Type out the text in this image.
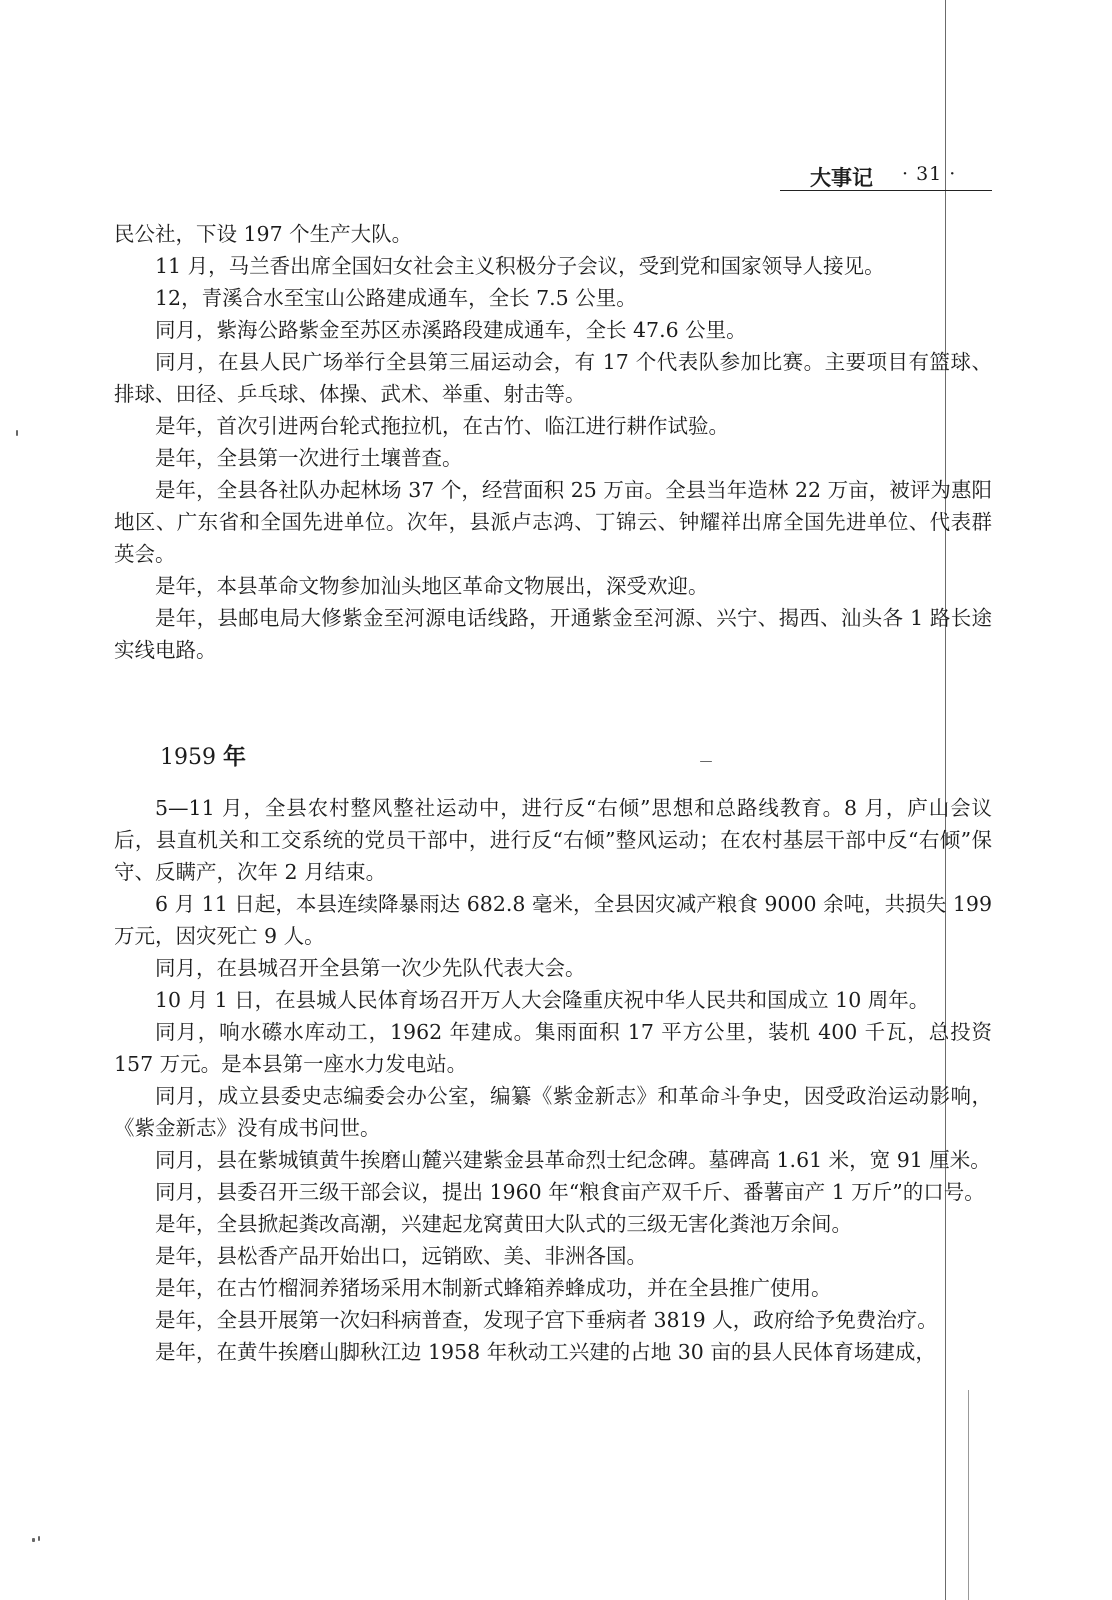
大事记 · 31 ·

民公社，下设 197 个生产大队。

11 月，马兰香出席全国妇女社会主义积极分子会议，受到党和国家领导人接见。

12，青溪合水至宝山公路建成通车，全长 7.5 公里。

同月，紫海公路紫金至苏区赤溪路段建成通车，全长 47.6 公里。

同月，在县人民广场举行全县第三届运动会，有 17 个代表队参加比赛。主要项目有篮球、排球、田径、乒乓球、体操、武术、举重、射击等。

是年，首次引进两台轮式拖拉机，在古竹、临江进行耕作试验。

是年，全县第一次进行土壤普查。

是年，全县各社队办起林场 37 个，经营面积 25 万亩。全县当年造林 22 万亩，被评为惠阳地区、广东省和全国先进单位。次年，县派卢志鸿、丁锦云、钟耀祥出席全国先进单位、代表群英会。

是年，本县革命文物参加汕头地区革命文物展出，深受欢迎。

是年，县邮电局大修紫金至河源电话线路，开通紫金至河源、兴宁、揭西、汕头各 1 路长途实线电路。

1959 年

5—11 月，全县农村整风整社运动中，进行反“右倾”思想和总路线教育。8 月，庐山会议后，县直机关和工交系统的党员干部中，进行反“右倾”整风运动；在农村基层干部中反“右倾”保守、反瞒产，次年 2 月结束。

6 月 11 日起，本县连续降暴雨达 682.8 毫米，全县因灾减产粮食 9000 余吨，共损失 199 万元，因灾死亡 9 人。

同月，在县城召开全县第一次少先队代表大会。

10 月 1 日，在县城人民体育场召开万人大会隆重庆祝中华人民共和国成立 10 周年。

同月，响水礤水库动工，1962 年建成。集雨面积 17 平方公里，装机 400 千瓦，总投资 157 万元。是本县第一座水力发电站。

同月，成立县委史志编委会办公室，编纂《紫金新志》和革命斗争史，因受政治运动影响，《紫金新志》没有成书问世。

同月，县在紫城镇黄牛挨磨山麓兴建紫金县革命烈士纪念碑。墓碑高 1.61 米，宽 91 厘米。

同月，县委召开三级干部会议，提出 1960 年“粮食亩产双千斤、番薯亩产 1 万斤”的口号。

是年，全县掀起粪改高潮，兴建起龙窝黄田大队式的三级无害化粪池万余间。

是年，县松香产品开始出口，远销欧、美、非洲各国。

是年，在古竹榴洞养猪场采用木制新式蜂箱养蜂成功，并在全县推广使用。

是年，全县开展第一次妇科病普查，发现子宫下垂病者 3819 人，政府给予免费治疗。

是年，在黄牛挨磨山脚秋江边 1958 年秋动工兴建的占地 30 亩的县人民体育场建成，
